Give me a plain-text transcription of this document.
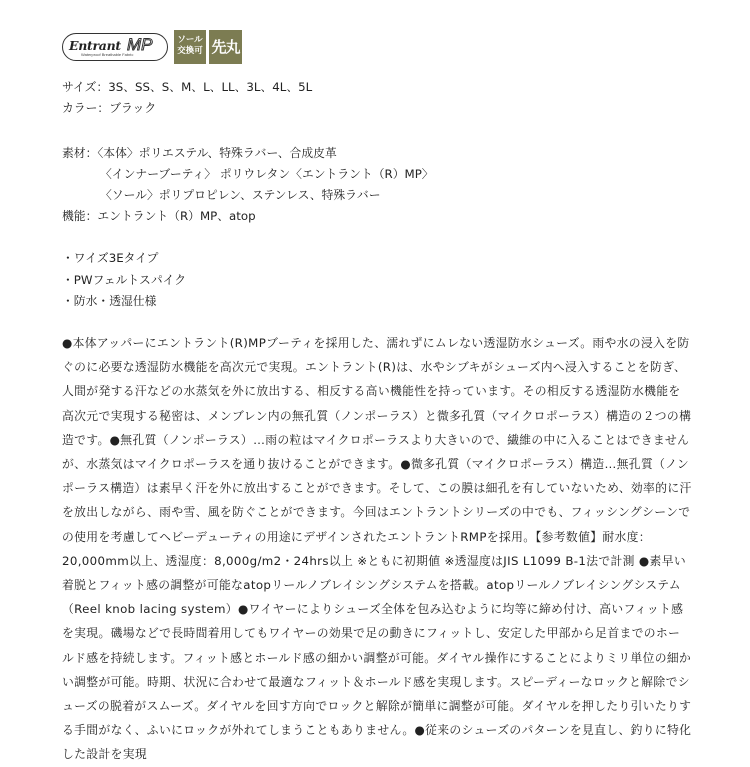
Entrant MP
Waterproof Breathable Fabric
ソール
交換可 先丸
サイズ：3S、SS、S、M、L、LL、3L、4L、5L
カラー：ブラック
素材：〈本体〉ポリエステル、特殊ラバー、合成皮革
〈インナーブーティ〉 ポリウレタン〈エントラント（R）MP〉
〈ソール〉ポリプロピレン、ステンレス、特殊ラバー
機能：エントラント（R）MP、atop
・ワイズ3Eタイプ
・PWフェルトスパイク
・防水・透湿仕様
●本体アッパーにエントラント(R)MPブーティを採用した、濡れずにムレない透湿防水シューズ。雨や水の浸入を防ぐのに必要な透湿防水機能を高次元で実現。エントラント(R)は、水やシブキがシューズ内へ浸入することを防ぎ、人間が発する汗などの水蒸気を外に放出する、相反する高い機能性を持っています。その相反する透湿防水機能を高次元で実現する秘密は、メンブレン内の無孔質（ノンポーラス）と微多孔質（マイクロポーラス）構造の２つの構造です。●無孔質（ノンポーラス）…雨の粒はマイクロポーラスより大きいので、繊維の中に入ることはできませんが、水蒸気はマイクロポーラスを通り抜けることができます。●微多孔質（マイクロポーラス）構造…無孔質（ノンポーラス構造）は素早く汗を外に放出することができます。そして、この膜は細孔を有していないため、効率的に汗を放出しながら、雨や雪、風を防ぐことができます。今回はエントラントシリーズの中でも、フィッシングシーンでの使用を考慮してヘビーデューティの用途にデザインされたエントラントRMPを採用。【参考数値】耐水度：20,000mm以上、透湿度：8,000g/m2・24hrs以上 ※ともに初期値 ※透湿度はJIS L1099 B-1法で計測 ●素早い着脱とフィット感の調整が可能なatopリールノブレイシングシステムを搭載。atopリールノブレイシングシステム（Reel knob lacing system）●ワイヤーによりシューズ全体を包み込むように均等に締め付け、高いフィット感を実現。磯場などで長時間着用してもワイヤーの効果で足の動きにフィットし、安定した甲部から足首までのホールド感を持続します。フィット感とホールド感の細かい調整が可能。ダイヤル操作にすることによりミリ単位の細かい調整が可能。時期、状況に合わせて最適なフィット＆ホールド感を実現します。スピーディーなロックと解除でシューズの脱着がスムーズ。ダイヤルを回す方向でロックと解除が簡単に調整が可能。ダイヤルを押したり引いたりする手間がなく、ふいにロックが外れてしまうこともありません。●従来のシューズのパターンを見直し、釣りに特化した設計を実現
